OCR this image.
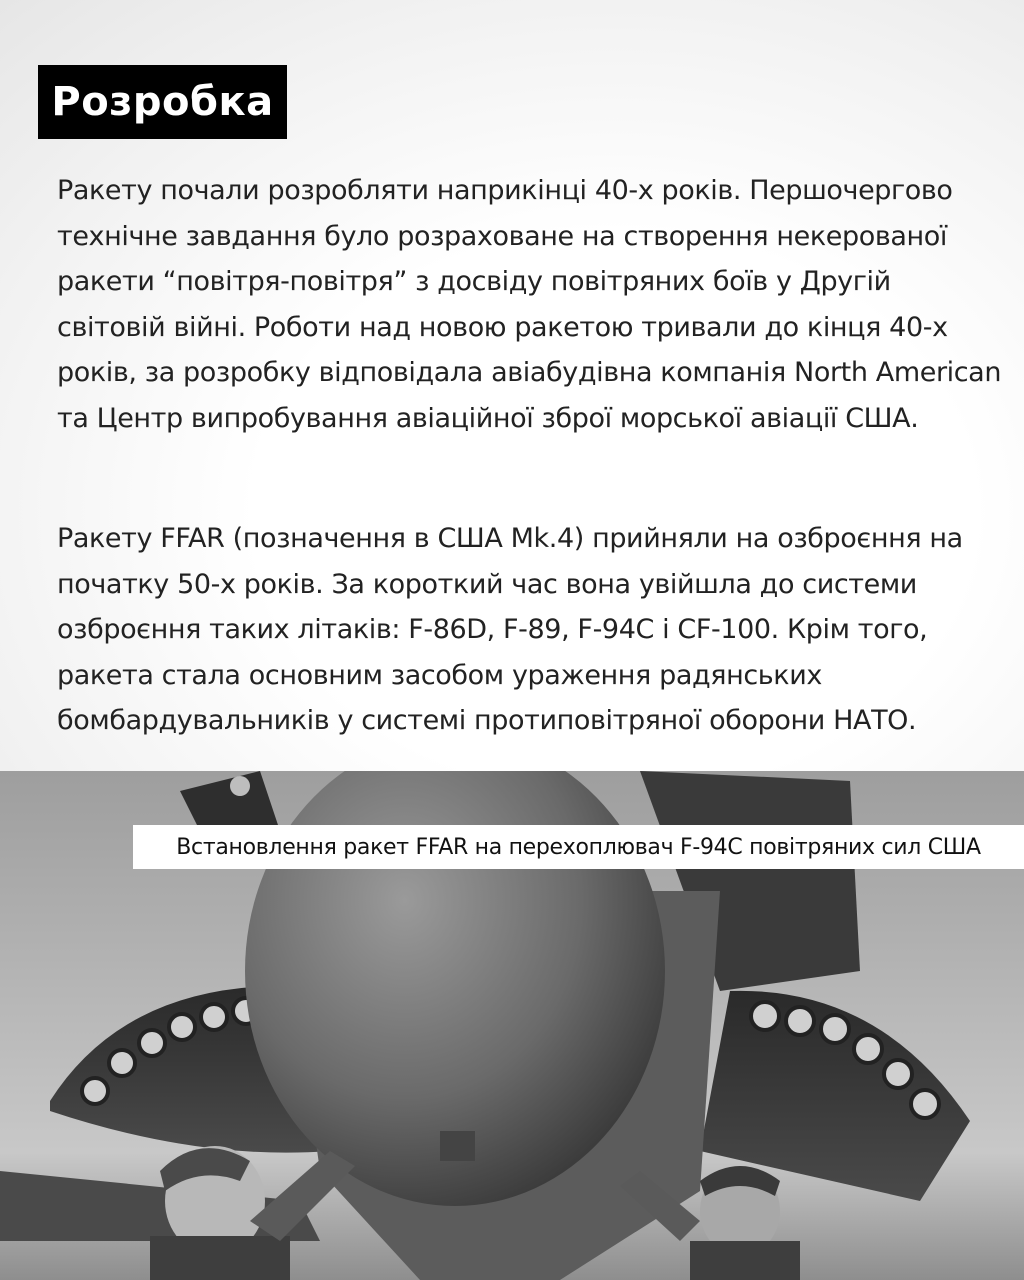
Розробка

Ракету почали розробляти наприкінці 40-х років. Першочергово технічне завдання було розраховане на створення некерованої ракети “повітря-повітря” з досвіду повітряних боїв у Другій світовій війні. Роботи над новою ракетою тривали до кінця 40-х років, за розробку відповідала авіабудівна компанія North American та Центр випробування авіаційної зброї морської авіації США.

Ракету FFAR (позначення в США Mk.4) прийняли на озброєння на початку 50-х років. За короткий час вона увійшла до системи озброєння таких літаків: F-86D, F-89, F-94C і CF-100. Крім того, ракета стала основним засобом ураження радянських бомбардувальників у системі протиповітряної оборони НАТО.

Встановлення ракет FFAR на перехоплювач F-94C повітряних сил США
